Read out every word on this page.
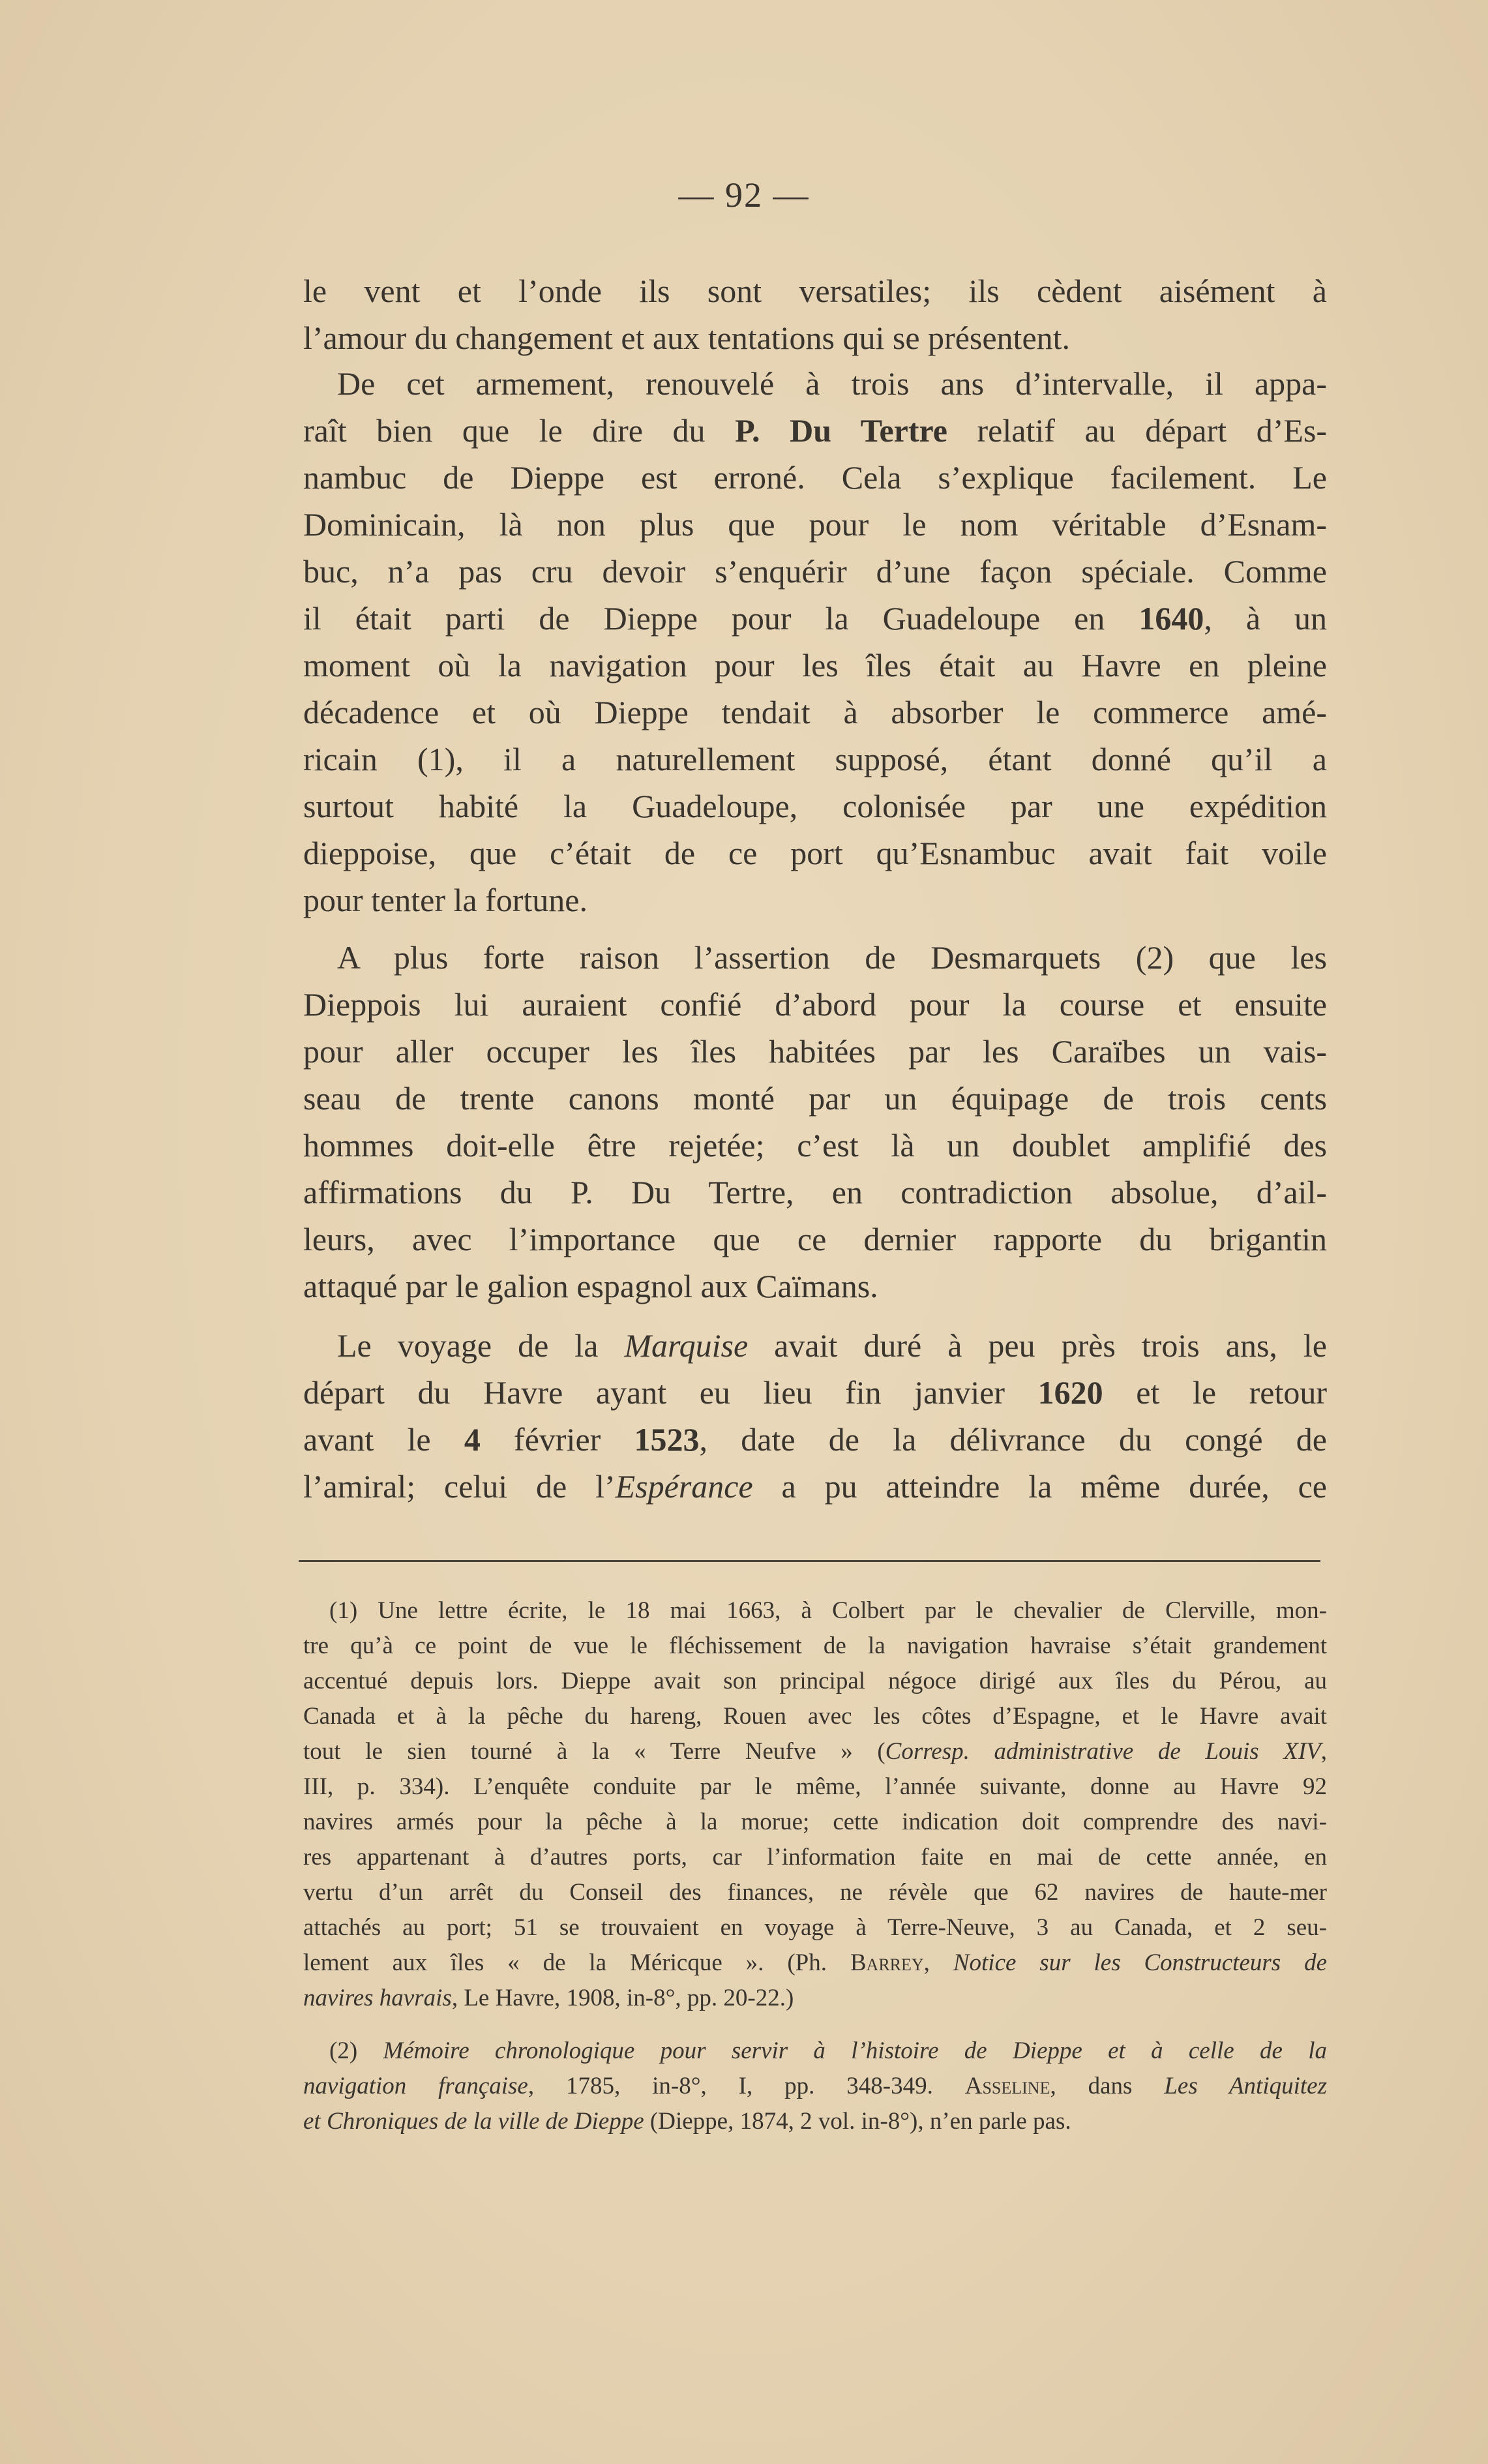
— 92 —
le vent et l’onde ils sont versatiles; ils cèdent aisément à
l’amour du changement et aux tentations qui se présentent.
De cet armement, renouvelé à trois ans d’intervalle, il appa-
raît bien que le dire du P. Du Tertre relatif au départ d’Es-
nambuc de Dieppe est erroné. Cela s’explique facilement. Le
Dominicain, là non plus que pour le nom véritable d’Esnam-
buc, n’a pas cru devoir s’enquérir d’une façon spéciale. Comme
il était parti de Dieppe pour la Guadeloupe en 1640, à un
moment où la navigation pour les îles était au Havre en pleine
décadence et où Dieppe tendait à absorber le commerce amé-
ricain (1), il a naturellement supposé, étant donné qu’il a
surtout habité la Guadeloupe, colonisée par une expédition
dieppoise, que c’était de ce port qu’Esnambuc avait fait voile
pour tenter la fortune.
A plus forte raison l’assertion de Desmarquets (2) que les
Dieppois lui auraient confié d’abord pour la course et ensuite
pour aller occuper les îles habitées par les Caraïbes un vais-
seau de trente canons monté par un équipage de trois cents
hommes doit-elle être rejetée; c’est là un doublet amplifié des
affirmations du P. Du Tertre, en contradiction absolue, d’ail-
leurs, avec l’importance que ce dernier rapporte du brigantin
attaqué par le galion espagnol aux Caïmans.
Le voyage de la Marquise avait duré à peu près trois ans, le
départ du Havre ayant eu lieu fin janvier 1620 et le retour
avant le 4 février 1523, date de la délivrance du congé de
l’amiral; celui de l’Espérance a pu atteindre la même durée, ce
(1) Une lettre écrite, le 18 mai 1663, à Colbert par le chevalier de Clerville, mon-
tre qu’à ce point de vue le fléchissement de la navigation havraise s’était grandement
accentué depuis lors. Dieppe avait son principal négoce dirigé aux îles du Pérou, au
Canada et à la pêche du hareng, Rouen avec les côtes d’Espagne, et le Havre avait
tout le sien tourné à la « Terre Neufve » (Corresp. administrative de Louis XIV,
III, p. 334). L’enquête conduite par le même, l’année suivante, donne au Havre 92
navires armés pour la pêche à la morue; cette indication doit comprendre des navi-
res appartenant à d’autres ports, car l’information faite en mai de cette année, en
vertu d’un arrêt du Conseil des finances, ne révèle que 62 navires de haute-mer
attachés au port; 51 se trouvaient en voyage à Terre-Neuve, 3 au Canada, et 2 seu-
lement aux îles « de la Méricque ». (Ph. Barrey, Notice sur les Constructeurs de
navires havrais, Le Havre, 1908, in-8°, pp. 20-22.)
(2) Mémoire chronologique pour servir à l’histoire de Dieppe et à celle de la
navigation française, 1785, in-8°, I, pp. 348-349. Asseline, dans Les Antiquitez
et Chroniques de la ville de Dieppe (Dieppe, 1874, 2 vol. in-8°), n’en parle pas.
